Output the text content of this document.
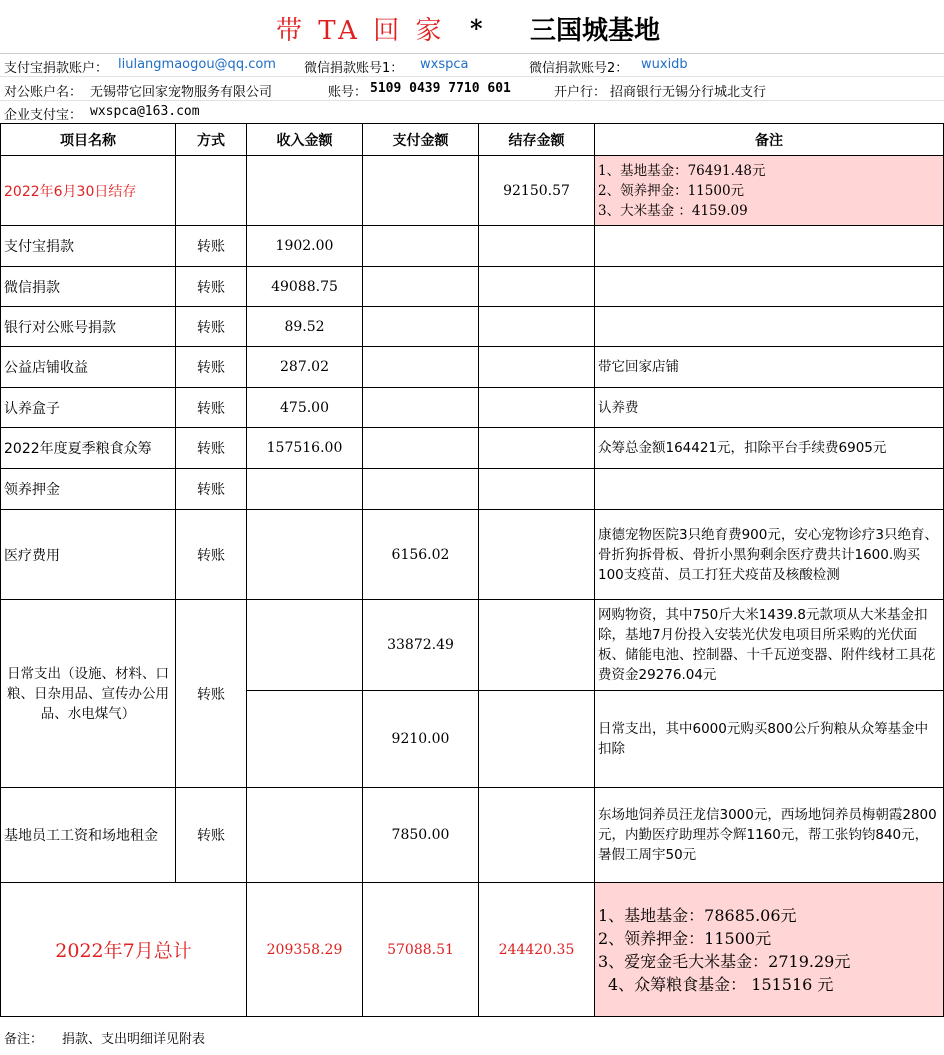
带 TA 回 家 * 三国城基地
支付宝捐款账户： liulangmaogou@qq.com 微信捐款账号1： wxspca	微信捐款账号2： wuxidb
对公账户名： 无锡带它回家宠物服务有限公司	账号： 5109 0439 7710 601	开户行： 招商银行无锡分行城北支行
企业支付宝： wxspca@163.com
项目名称	方式	收入金额	支付金额	结存金额	备注
2022年6月30日结存				92150.57	1、基地基金：76491.48元
2、领养押金：11500元
3、大米基金 ：4159.09

支付宝捐款	转账	1902.00			
微信捐款	转账	49088.75			
银行对公账号捐款	转账	89.52			
公益店铺收益	转账	287.02			带它回家店铺
认养盒子	转账	475.00			认养费
2022年度夏季粮食众筹	转账	157516.00			众筹总金额164421元，扣除平台手续费6905元
领养押金	转账				
医疗费用	转账		6156.02		康德宠物医院3只绝育费900元，安心宠物诊疗3只绝育、骨折狗拆骨板、骨折小黑狗剩余医疗费共计1600.购买100支疫苗、员工打狂犬疫苗及核酸检测
日常支出（设施、材料、口粮、日杂用品、宣传办公用品、水电煤气）	转账		33872.49		网购物资，其中750斤大米1439.8元款项从大米基金扣除，基地7月份投入安装光伏发电项目所采购的光伏面板、储能电池、控制器、十千瓦逆变器、附件线材工具花费资金29276.04元
			9210.00		日常支出，其中6000元购买800公斤狗粮从众筹基金中扣除
基地员工工资和场地租金	转账		7850.00		东场地饲养员汪龙信3000元，西场地饲养员梅朝霞2800元，内勤医疗助理苏令辉1160元，帮工张钧钧840元，暑假工周宇50元
2022年7月总计		209358.29	57088.51	244420.35	1、基地基金：78685.06元
2、领养押金：11500元
3、爱宠金毛大米基金：2719.29元
4、众筹粮食基金： 151516 元
备注： 捐款、支出明细详见附表
